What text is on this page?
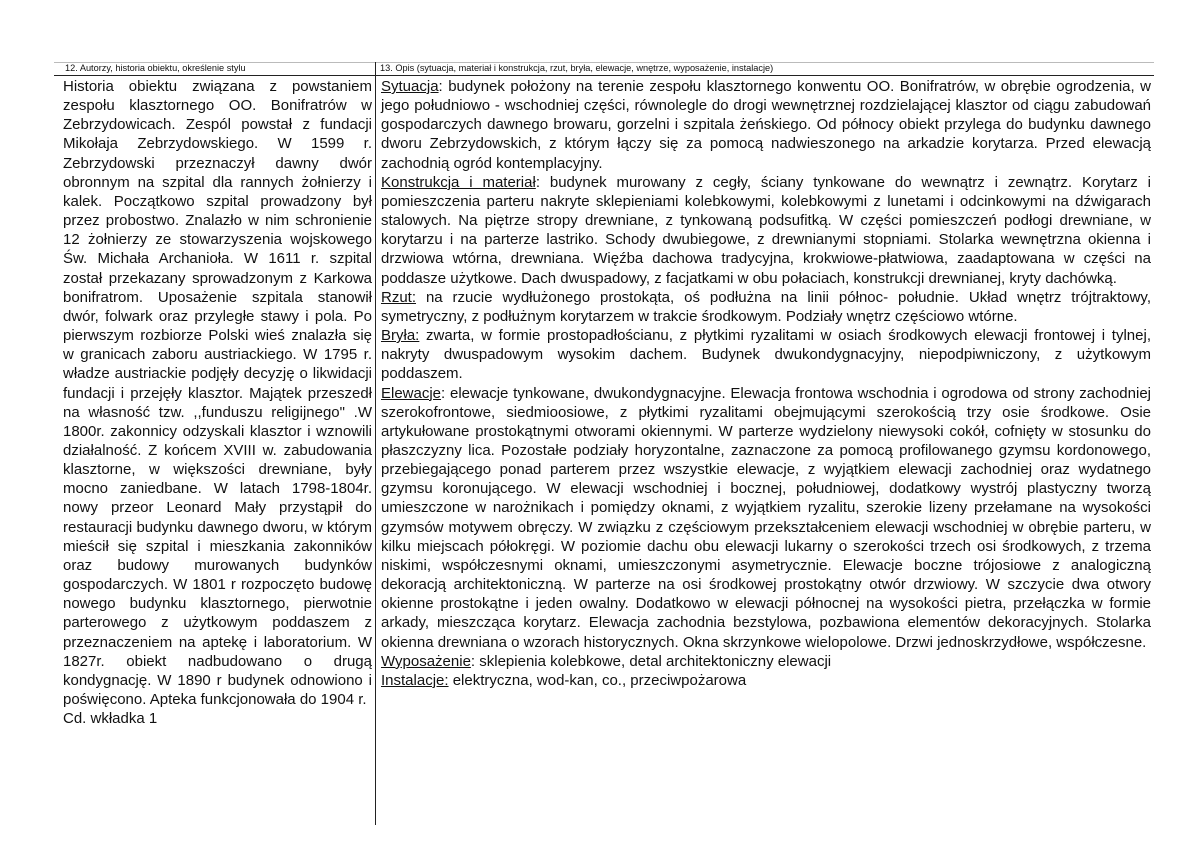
12. Autorzy, historia obiektu, określenie stylu

Historia obiektu związana z powstaniem zespołu klasztornego OO. Bonifratrów w Zebrzydowicach. Zespól powstał z fundacji Mikołaja Zebrzydowskiego. W 1599 r. Zebrzydowski przeznaczył dawny dwór obronnym na szpital dla rannych żołnierzy i kalek. Początkowo szpital prowadzony był przez probostwo. Znalazło w nim schronienie 12 żołnierzy ze stowarzyszenia wojskowego Św. Michała Archanioła. W 1611 r. szpital został przekazany sprowadzonym z Karkowa bonifratrom. Uposażenie szpitala stanowił dwór, folwark oraz przyległe stawy i pola. Po pierwszym rozbiorze Polski wieś znalazła się w granicach zaboru austriackiego. W 1795 r. władze austriackie podjęły decyzję o likwidacji fundacji i przejęły klasztor. Majątek przeszedł na własność tzw. ,,funduszu religijnego" .W 1800r. zakonnicy odzyskali klasztor i wznowili działalność. Z końcem XVIII w. zabudowania klasztorne, w większości drewniane, były mocno zaniedbane. W latach 1798-1804r. nowy przeor Leonard Mały przystąpił do restauracji budynku dawnego dworu, w którym mieścił się szpital i mieszkania zakonników oraz budowy murowanych budynków gospodarczych. W 1801 r rozpoczęto budowę nowego budynku klasztornego, pierwotnie parterowego z użytkowym poddaszem z przeznaczeniem na aptekę i laboratorium. W 1827r. obiekt nadbudowano o drugą kondygnację. W 1890 r budynek odnowiono i poświęcono. Apteka funkcjonowała do 1904 r.

Cd. wkładka 1

13. Opis (sytuacja, materiał i konstrukcja, rzut, bryła, elewacje, wnętrze, wyposażenie, instalacje)

Sytuacja: budynek położony na terenie zespołu klasztornego konwentu OO. Bonifratrów, w obrębie ogrodzenia, w jego południowo - wschodniej części, równolegle do drogi wewnętrznej rozdzielającej klasztor od ciągu zabudowań gospodarczych dawnego browaru, gorzelni i szpitala żeńskiego. Od północy obiekt przylega do budynku dawnego dworu Zebrzydowskich, z którym łączy się za pomocą nadwieszonego na arkadzie korytarza. Przed elewacją zachodnią ogród kontemplacyjny.

Konstrukcja i materiał: budynek murowany z cegły, ściany tynkowane do wewnątrz i zewnątrz. Korytarz i pomieszczenia parteru nakryte sklepieniami kolebkowymi, kolebkowymi z lunetami i odcinkowymi na dźwigarach stalowych. Na piętrze stropy drewniane, z tynkowaną podsufitką. W części pomieszczeń podłogi drewniane, w korytarzu i na parterze lastriko. Schody dwubiegowe, z drewnianymi stopniami. Stolarka wewnętrzna okienna i drzwiowa wtórna, drewniana. Więźba dachowa tradycyjna, krokwiowe-płatwiowa, zaadaptowana w części na poddasze użytkowe. Dach dwuspadowy, z facjatkami w obu połaciach, konstrukcji drewnianej, kryty dachówką.

Rzut: na rzucie wydłużonego prostokąta, oś podłużna na linii północ- południe. Układ wnętrz trójtraktowy, symetryczny, z podłużnym korytarzem w trakcie środkowym. Podziały wnętrz częściowo wtórne.

Bryła: zwarta, w formie prostopadłościanu, z płytkimi ryzalitami w osiach środkowych elewacji frontowej i tylnej, nakryty dwuspadowym wysokim dachem. Budynek dwukondygnacyjny, niepodpiwniczony, z użytkowym poddaszem.

Elewacje: elewacje tynkowane, dwukondygnacyjne. Elewacja frontowa wschodnia i ogrodowa od strony zachodniej szerokofrontowe, siedmioosiowe, z płytkimi ryzalitami obejmującymi szerokością trzy osie środkowe. Osie artykułowane prostokątnymi otworami okiennymi. W parterze wydzielony niewysoki cokół, cofnięty w stosunku do płaszczyzny lica. Pozostałe podziały horyzontalne, zaznaczone za pomocą profilowanego gzymsu kordonowego, przebiegającego ponad parterem przez wszystkie elewacje, z wyjątkiem elewacji zachodniej oraz wydatnego gzymsu koronującego. W elewacji wschodniej i bocznej, południowej, dodatkowy wystrój plastyczny tworzą umieszczone w narożnikach i pomiędzy oknami, z wyjątkiem ryzalitu, szerokie lizeny przełamane na wysokości gzymsów motywem obręczy. W związku z częściowym przekształceniem elewacji wschodniej w obrębie parteru, w kilku miejscach półokręgi. W poziomie dachu obu elewacji lukarny o szerokości trzech osi środkowych, z trzema niskimi, współczesnymi oknami, umieszczonymi asymetrycznie. Elewacje boczne trójosiowe z analogiczną dekoracją architektoniczną. W parterze na osi środkowej prostokątny otwór drzwiowy. W szczycie dwa otwory okienne prostokątne i jeden owalny. Dodatkowo w elewacji północnej na wysokości pietra, przełączka w formie arkady, mieszcząca korytarz. Elewacja zachodnia bezstylowa, pozbawiona elementów dekoracyjnych. Stolarka okienna drewniana o wzorach historycznych. Okna skrzynkowe wielopolowe. Drzwi jednoskrzydłowe, współczesne.

Wyposażenie: sklepienia kolebkowe, detal architektoniczny elewacji

Instalacje: elektryczna, wod-kan, co., przeciwpożarowa
